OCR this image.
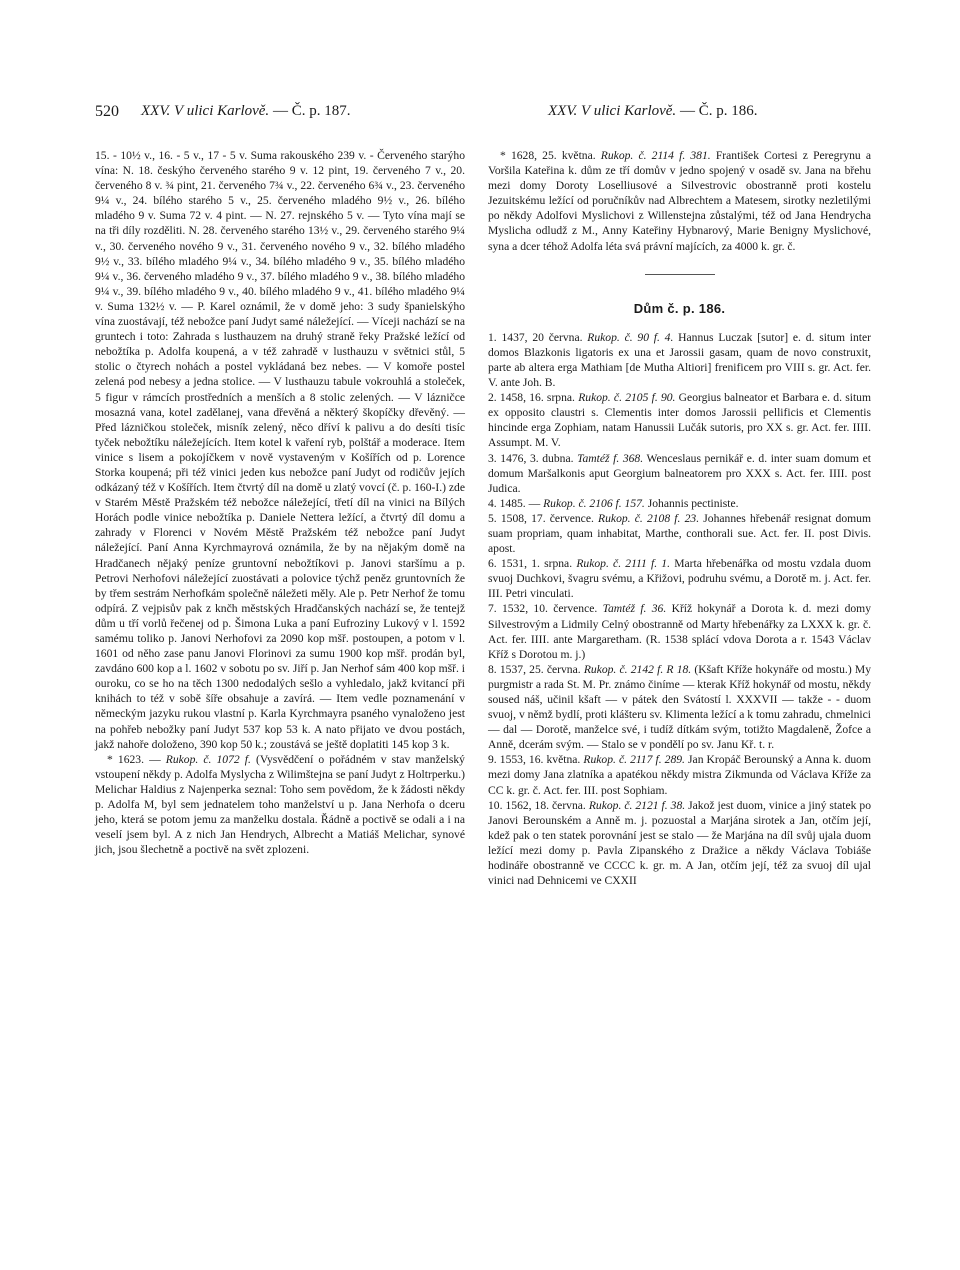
520 XXV. V ulici Karlově. — Č. p. 187.	XXV. V ulici Karlově. — Č. p. 186.

15. - 10½ v., 16. - 5 v., 17 - 5 v. Suma rakouského 239 v. - Červeného starýho vína: N. 18. českýho červeného starého 9 v. 12 pint, 19. červeného 7 v., 20. červeného 8 v. ¾ pint, 21. červeného 7¾ v., 22. červeného 6¾ v., 23. červeného 9¼ v., 24. bílého starého 5 v., 25. červeného mladého 9½ v., 26. bílého mladého 9 v. Suma 72 v. 4 pint. — N. 27. rejnského 5 v. — Tyto vína mají se na tři díly rozděliti. N. 28. červeného starého 13½ v., 29. červeného starého 9¼ v., 30. červeného nového 9 v., 31. červeného nového 9 v., 32. bílého mladého 9½ v., 33. bílého mladého 9¼ v., 34. bílého mladého 9 v., 35. bílého mladého 9¼ v., 36. červeného mladého 9 v., 37. bílého mladého 9 v., 38. bílého mladého 9¼ v., 39. bílého mladého 9 v., 40. bílého mladého 9 v., 41. bílého mladého 9¼ v. Suma 132½ v. — P. Karel oznámil, že v domě jeho: 3 sudy španielskýho vína zuostávají, též nebožce paní Judyt samé náležející. — Víceji nachází se na gruntech i toto: Zahrada s lusthauzem na druhý straně řeky Pražské ležící od nebožtíka p. Adolfa koupená, a v též zahradě v lusthauzu v světnici stůl, 5 stolic o čtyrech nohách a postel vykládaná bez nebes. — V komoře postel zelená pod nebesy a jedna stolice. — V lusthauzu tabule vokrouhlá a stoleček, 5 figur v rámcích prostředních a menších a 8 stolic zelených. — V lázničce mosazná vana, kotel zadělanej, vana dřevěná a některý škopíčky dřevěný. — Před lázničkou stoleček, misník zelený, něco dříví k palivu a do desíti tisíc tyček nebožtíku náležejících. Item kotel k vaření ryb, polštář a moderace. Item vinice s lisem a pokojíčkem v nově vystaveným v Košířích od p. Lorence Storka koupená; při též vinici jeden kus nebožce paní Judyt od rodičův jejích odkázaný též v Košířích. Item čtvrtý díl na domě u zlatý vovcí (č. p. 160-I.) zde v Starém Městě Pražském též nebožce náležející, třetí díl na vinici na Bílých Horách podle vinice nebožtíka p. Daniele Nettera ležící, a čtvrtý díl domu a zahrady v Florenci v Novém Městě Pražském též nebožce paní Judyt náležející. Paní Anna Kyrchmayrová oznámila, že by na nějakým domě na Hradčanech nějaký peníze gruntovní nebožtíkovi p. Janovi staršímu a p. Petrovi Nerhofovi náležející zuostávati a polovice týchž peněz gruntovních že by třem sestrám Nerhofkám společně náležeti měly. Ale p. Petr Nerhof že tomu odpírá. Z vejpisův pak z knčh městských Hradčanských nachází se, že tentejž dům u tří vorlů řečenej od p. Šimona Luka a paní Eufroziny Lukový v l. 1592 samému toliko p. Janovi Nerhofovi za 2090 kop mšř. postoupen, a potom v l. 1601 od něho zase panu Janovi Florinovi za sumu 1900 kop mšř. prodán byl, zavdáno 600 kop a l. 1602 v sobotu po sv. Jiří p. Jan Nerhof sám 400 kop mšř. i ouroku, co se ho na těch 1300 nedodalých sešlo a vyhledalo, jakž kvitancí při knihách to též v sobě šíře obsahuje a zavírá. — Item vedle poznamenání v německým jazyku rukou vlastní p. Karla Kyrchmayra psaného vynaloženo jest na pohřeb nebožky paní Judyt 537 kop 53 k. A nato přijato ve dvou postách, jakž nahoře doloženo, 390 kop 50 k.; zoustává se ještě doplatiti 145 kop 3 k.

* 1623. — Rukop. č. 1072 f. (Vysvědčení o pořádném v stav manželský vstoupení někdy p. Adolfa Myslycha z Wilimštejna se paní Judyt z Holtrperku.) Melichar Haldius z Najenperka seznal: Toho sem povědom, že k žádosti někdy p. Adolfa M, byl sem jednatelem toho manželství u p. Jana Nerhofa o dceru jeho, která se potom jemu za manželku dostala. Řádně a poctivě se odali a i na veselí jsem byl. A z nich Jan Hendrych, Albrecht a Matiáš Melichar, synové jich, jsou šlechetně a poctivě na svět zplozeni.

* 1628, 25. května. Rukop. č. 2114 f. 381. František Cortesi z Peregrynu a Voršila Kateřina k. dům ze tří domův v jedno spojený v osadě sv. Jana na břehu mezi domy Doroty Loselliusové a Silvestrovic obostranně proti kostelu Jezuitskému ležící od poručníkův nad Albrechtem a Matesem, sirotky nezletilými po někdy Adolfovi Myslichovi z Willenstejna zůstalými, též od Jana Hendrycha Myslicha odludž z M., Anny Kateřiny Hybnarový, Marie Benigny Myslichové, syna a dcer téhož Adolfa léta svá právní majících, za 4000 k. gr. č.

Dům č. p. 186.

1. 1437, 20 června. Rukop. č. 90 f. 4. Hannus Luczak [sutor] e. d. situm inter domos Blazkonis ligatoris ex una et Jarossii gasam, quam de novo construxit, parte ab altera erga Mathiam [de Mutha Altiori] frenificem pro VIII s. gr. Act. fer. V. ante Joh. B.

2. 1458, 16. srpna. Rukop. č. 2105 f. 90. Georgius balneator et Barbara e. d. situm ex opposito claustri s. Clementis inter domos Jarossii pellificis et Clementis hincinde erga Zophiam, natam Hanussii Lučák sutoris, pro XX s. gr. Act. fer. IIII. Assumpt. M. V.

3. 1476, 3. dubna. Tamtéž f. 368. Wenceslaus pernikář e. d. inter suam domum et domum Maršalkonis aput Georgium balneatorem pro XXX s. Act. fer. IIII. post Judica.

4. 1485. — Rukop. č. 2106 f. 157. Johannis pectiniste.

5. 1508, 17. července. Rukop. č. 2108 f. 23. Johannes hřebenář resignat domum suam propriam, quam inhabitat, Marthe, conthorali sue. Act. fer. II. post Divis. apost.

6. 1531, 1. srpna. Rukop. č. 2111 f. 1. Marta hřebenářka od mostu vzdala duom svuoj Duchkovi, švagru svému, a Křižovi, podruhu svému, a Dorotě m. j. Act. fer. III. Petri vinculati.

7. 1532, 10. července. Tamtéž f. 36. Kříž hokynář a Dorota k. d. mezi domy Silvestrovým a Lidmily Celný obostranně od Marty hřebenářky za LXXX k. gr. č. Act. fer. IIII. ante Margaretham. (R. 1538 splácí vdova Dorota a r. 1543 Václav Kříž s Dorotou m. j.)

8. 1537, 25. června. Rukop. č. 2142 f. R 18. (Kšaft Kříže hokynáře od mostu.) My purgmistr a rada St. M. Pr. známo činíme — kterak Kříž hokynář od mostu, někdy soused náš, učinil kšaft — v pátek den Svátostí l. XXXVII — takže - - duom svuoj, v němž bydlí, proti klášteru sv. Klimenta ležící a k tomu zahradu, chmelnici — dal — Dorotě, manželce své, i tudíž dítkám svým, totižto Magdaleně, Žofce a Anně, dcerám svým. — Stalo se v pondělí po sv. Janu Kř. t. r.

9. 1553, 16. května. Rukop. č. 2117 f. 289. Jan Kropáč Berounský a Anna k. duom mezi domy Jana zlatníka a apatékou někdy mistra Zikmunda od Václava Kříže za CC k. gr. č. Act. fer. III. post Sophiam.

10. 1562, 18. června. Rukop. č. 2121 f. 38. Jakož jest duom, vinice a jiný statek po Janovi Berounském a Anně m. j. pozuostal a Marjána sirotek a Jan, otčím její, kdež pak o ten statek porovnání jest se stalo — že Marjána na díl svůj ujala duom ležící mezi domy p. Pavla Zipanského z Dražice a někdy Václava Tobiáše hodináře obostranně ve CCCC k. gr. m. A Jan, otčím její, též za svuoj díl ujal vinici nad Dehnicemi ve CXXII
